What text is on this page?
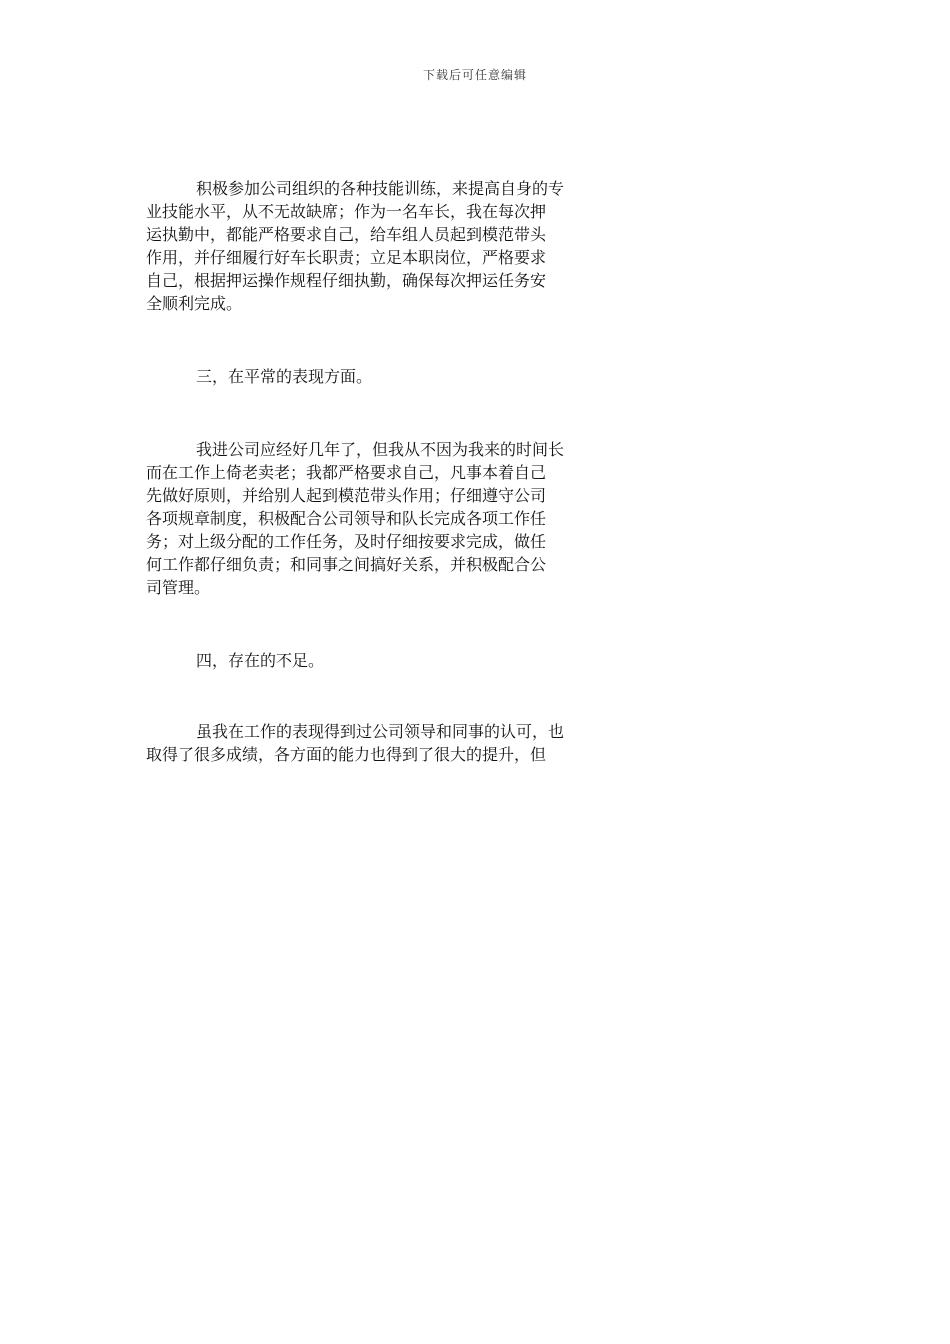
下载后可任意编辑
积极参加公司组织的各种技能训练，来提高自身的专
业技能水平，从不无故缺席；作为一名车长，我在每次押
运执勤中，都能严格要求自己，给车组人员起到模范带头
作用，并仔细履行好车长职责；立足本职岗位，严格要求
自己，根据押运操作规程仔细执勤，确保每次押运任务安
全顺利完成。
三，在平常的表现方面。
我进公司应经好几年了，但我从不因为我来的时间长
而在工作上倚老卖老；我都严格要求自己，凡事本着自己
先做好原则，并给别人起到模范带头作用；仔细遵守公司
各项规章制度，积极配合公司领导和队长完成各项工作任
务；对上级分配的工作任务，及时仔细按要求完成，做任
何工作都仔细负责；和同事之间搞好关系，并积极配合公
司管理。
四，存在的不足。
虽我在工作的表现得到过公司领导和同事的认可，也
取得了很多成绩，各方面的能力也得到了很大的提升，但
